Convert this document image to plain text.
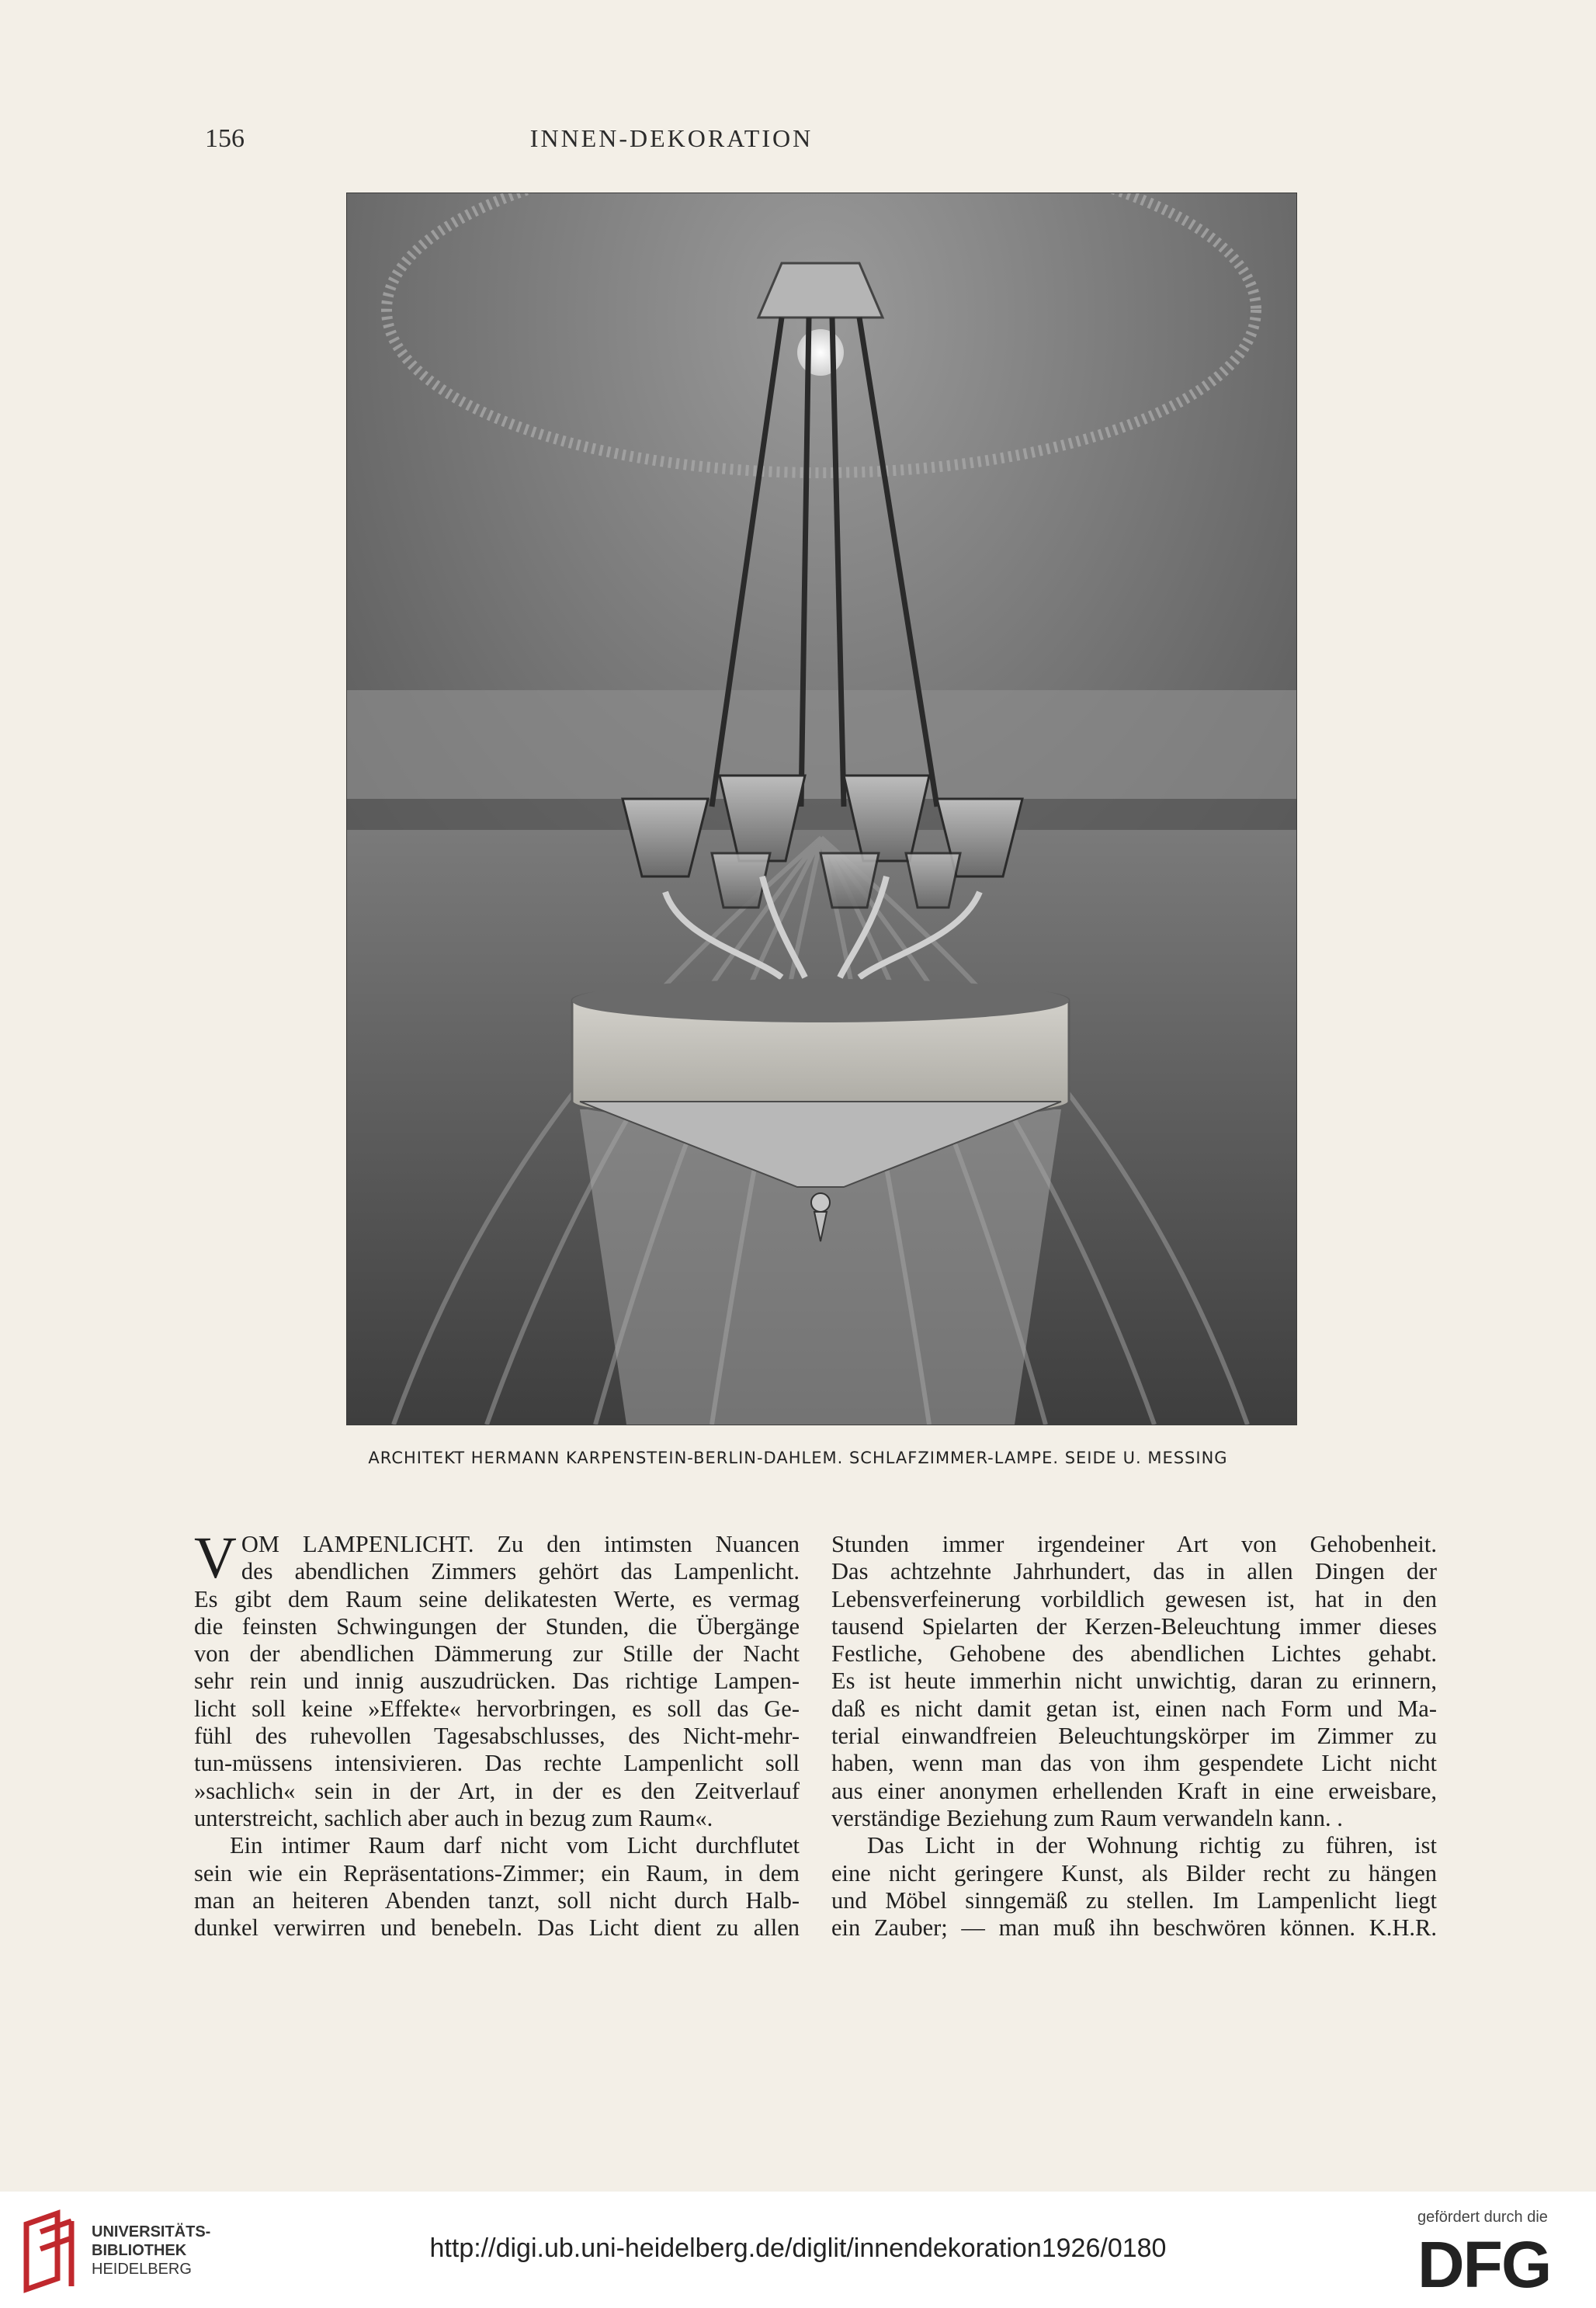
156	INNEN-DEKORATION
ARCHITEKT HERMANN KARPENSTEIN-BERLIN-DAHLEM. SCHLAFZIMMER-LAMPE. SEIDE U. MESSING
V OM LAMPENLICHT. Zu den intimsten Nuancen
des abendlichen Zimmers gehört das Lampenlicht.
Es gibt dem Raum seine delikatesten Werte, es vermag
die feinsten Schwingungen der Stunden, die Übergänge
von der abendlichen Dämmerung zur Stille der Nacht
sehr rein und innig auszudrücken. Das richtige Lampen-
licht soll keine »Effekte« hervorbringen, es soll das Ge-
fühl des ruhevollen Tagesabschlusses, des Nicht-mehr-
tun-müssens intensivieren. Das rechte Lampenlicht soll
»sachlich« sein in der Art, in der es den Zeitverlauf
unterstreicht, sachlich aber auch in bezug zum Raum«.
Ein intimer Raum darf nicht vom Licht durchflutet
sein wie ein Repräsentations-Zimmer; ein Raum, in dem
man an heiteren Abenden tanzt, soll nicht durch Halb-
dunkel verwirren und benebeln. Das Licht dient zu allen
Stunden immer irgendeiner Art von Gehobenheit.
Das achtzehnte Jahrhundert, das in allen Dingen der
Lebensverfeinerung vorbildlich gewesen ist, hat in den
tausend Spielarten der Kerzen-Beleuchtung immer dieses
Festliche, Gehobene des abendlichen Lichtes gehabt.
Es ist heute immerhin nicht unwichtig, daran zu erinnern,
daß es nicht damit getan ist, einen nach Form und Ma-
terial einwandfreien Beleuchtungskörper im Zimmer zu
haben, wenn man das von ihm gespendete Licht nicht
aus einer anonymen erhellenden Kraft in eine erweisbare,
verständige Beziehung zum Raum verwandeln kann. .
Das Licht in der Wohnung richtig zu führen, ist
eine nicht geringere Kunst, als Bilder recht zu hängen
und Möbel sinngemäß zu stellen. Im Lampenlicht liegt
ein Zauber; — man muß ihn beschwören können. K.H.R.
UNIVERSITÄTS-
BIBLIOTHEK
HEIDELBERG
http://digi.ub.uni-heidelberg.de/diglit/innendekoration1926/0180
gefördert durch die
DFG
